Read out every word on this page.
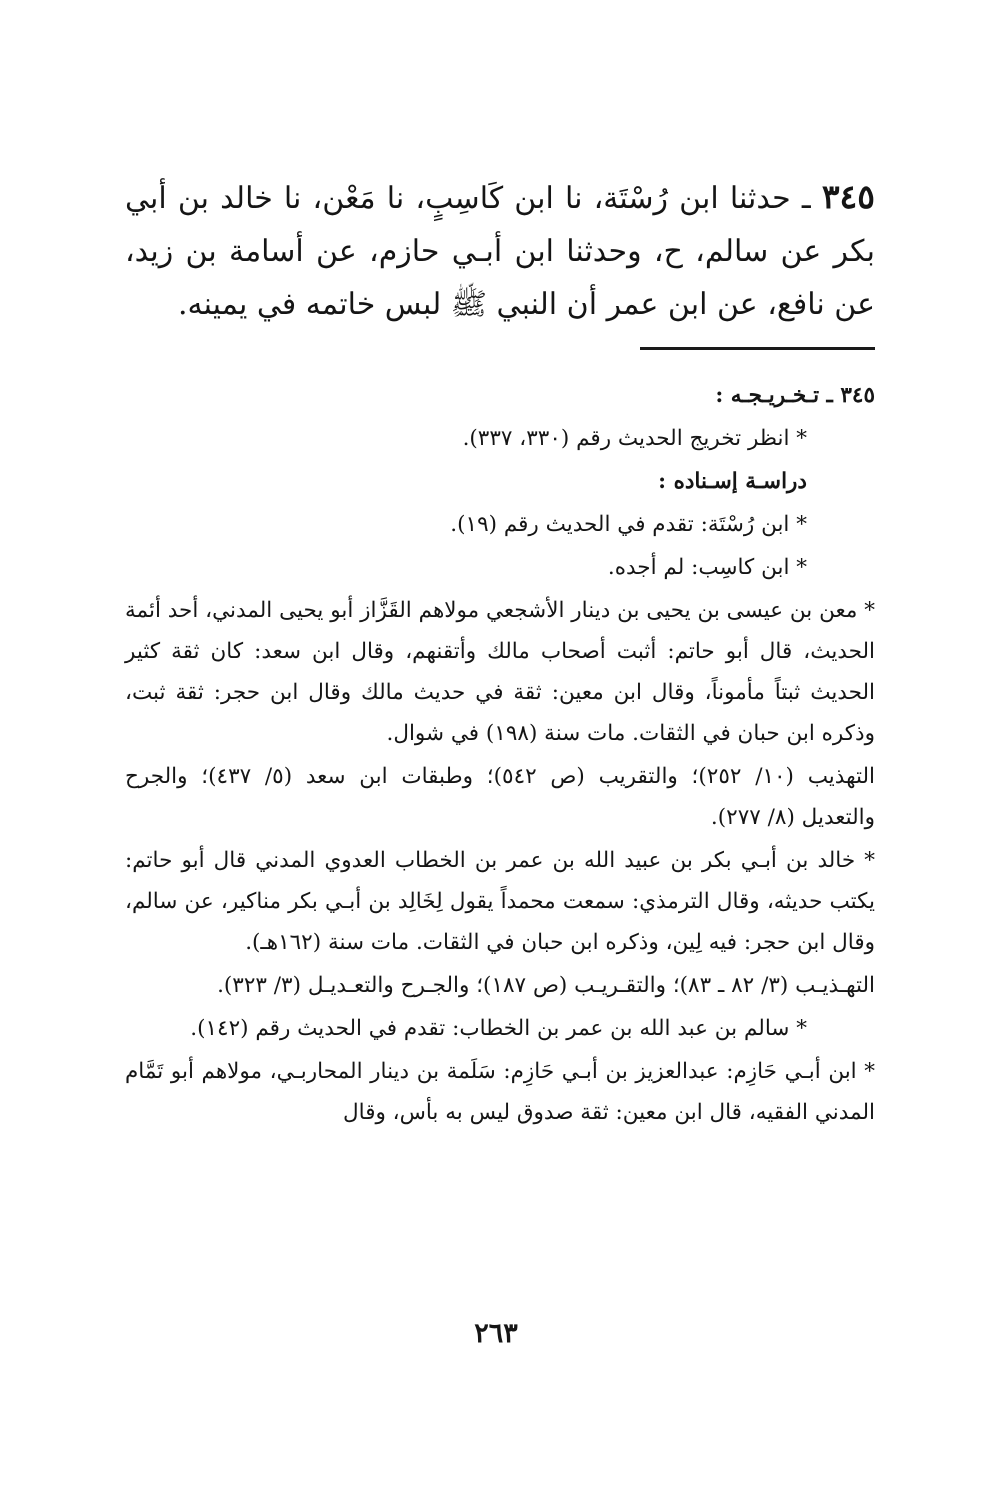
٣٤٥ ـ حدثنا ابن رُسْتَة، نا ابن كَاسِبٍ، نا مَعْن، نا خالد بن أبي بكر عن سالم، ح، وحدثنا ابن أبـي حازم، عن أسامة بن زيد، عن نافع، عن ابن عمر أن النبي ﷺ لبس خاتمه في يمينه.

٣٤٥ ـ تـخـريـجـه :

* انظر تخريج الحديث رقم (٣٣٠، ٣٣٧).

دراسـة إسـناده :

* ابن رُسْتَة: تقدم في الحديث رقم (١٩).

* ابن كاسِب: لم أجده.

* معن بن عيسى بن يحيى بن دينار الأشجعي مولاهم القَزَّاز أبو يحيى المدني، أحد أئمة الحديث، قال أبو حاتم: أثبت أصحاب مالك وأتقنهم، وقال ابن سعد: كان ثقة كثير الحديث ثبتاً مأموناً، وقال ابن معين: ثقة في حديث مالك وقال ابن حجر: ثقة ثبت، وذكره ابن حبان في الثقات. مات سنة (١٩٨) في شوال.

التهذيب (١٠/ ٢٥٢)؛ والتقريب (ص ٥٤٢)؛ وطبقات ابن سعد (٥/ ٤٣٧)؛ والجرح والتعديل (٨/ ٢٧٧).

* خالد بن أبـي بكر بن عبيد الله بن عمر بن الخطاب العدوي المدني قال أبو حاتم: يكتب حديثه، وقال الترمذي: سمعت محمداً يقول لِخَالِد بن أبـي بكر مناكير، عن سالم، وقال ابن حجر: فيه لِين، وذكره ابن حبان في الثقات. مات سنة (١٦٢هـ).

التهـذيـب (٣/ ٨٢ ـ ٨٣)؛ والتقـريـب (ص ١٨٧)؛ والجـرح والتعـديـل (٣/ ٣٢٣).

* سالم بن عبد الله بن عمر بن الخطاب: تقدم في الحديث رقم (١٤٢).

* ابن أبـي حَازِم: عبدالعزيز بن أبـي حَازِم: سَلَمة بن دينار المحاربـي، مولاهم أبو تَمَّام المدني الفقيه، قال ابن معين: ثقة صدوق ليس به بأس، وقال

٢٦٣
